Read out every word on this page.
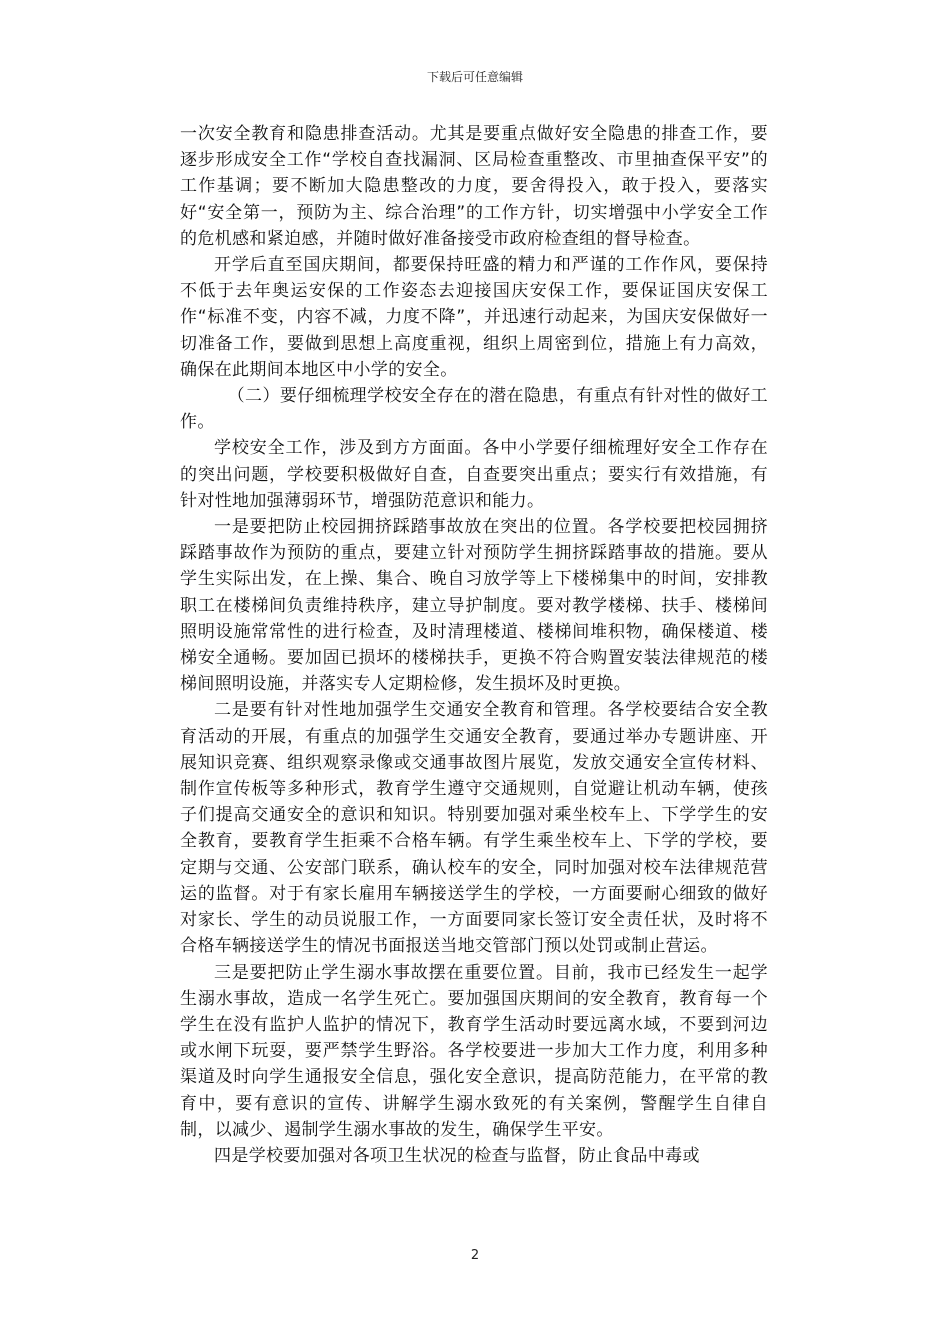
下载后可任意编辑

一次安全教育和隐患排查活动。尤其是要重点做好安全隐患的排查工作，要逐步形成安全工作“学校自查找漏洞、区局检查重整改、市里抽查保平安”的工作基调；要不断加大隐患整改的力度，要舍得投入，敢于投入，要落实好“安全第一，预防为主、综合治理”的工作方针，切实增强中小学安全工作的危机感和紧迫感，并随时做好准备接受市政府检查组的督导检查。

开学后直至国庆期间，都要保持旺盛的精力和严谨的工作作风，要保持不低于去年奥运安保的工作姿态去迎接国庆安保工作，要保证国庆安保工作“标准不变，内容不减，力度不降”，并迅速行动起来，为国庆安保做好一切准备工作，要做到思想上高度重视，组织上周密到位，措施上有力高效，确保在此期间本地区中小学的安全。

（二）要仔细梳理学校安全存在的潜在隐患，有重点有针对性的做好工作。

学校安全工作，涉及到方方面面。各中小学要仔细梳理好安全工作存在的突出问题，学校要积极做好自查，自查要突出重点；要实行有效措施，有针对性地加强薄弱环节，增强防范意识和能力。

一是要把防止校园拥挤踩踏事故放在突出的位置。各学校要把校园拥挤踩踏事故作为预防的重点，要建立针对预防学生拥挤踩踏事故的措施。要从学生实际出发，在上操、集合、晚自习放学等上下楼梯集中的时间，安排教职工在楼梯间负责维持秩序，建立导护制度。要对教学楼梯、扶手、楼梯间照明设施常常性的进行检查，及时清理楼道、楼梯间堆积物，确保楼道、楼梯安全通畅。要加固已损坏的楼梯扶手，更换不符合购置安装法律规范的楼梯间照明设施，并落实专人定期检修，发生损坏及时更换。

二是要有针对性地加强学生交通安全教育和管理。各学校要结合安全教育活动的开展，有重点的加强学生交通安全教育，要通过举办专题讲座、开展知识竞赛、组织观察录像或交通事故图片展览，发放交通安全宣传材料、制作宣传板等多种形式，教育学生遵守交通规则，自觉避让机动车辆，使孩子们提高交通安全的意识和知识。特别要加强对乘坐校车上、下学学生的安全教育，要教育学生拒乘不合格车辆。有学生乘坐校车上、下学的学校，要定期与交通、公安部门联系，确认校车的安全，同时加强对校车法律规范营运的监督。对于有家长雇用车辆接送学生的学校，一方面要耐心细致的做好对家长、学生的动员说服工作，一方面要同家长签订安全责任状，及时将不合格车辆接送学生的情况书面报送当地交管部门预以处罚或制止营运。

三是要把防止学生溺水事故摆在重要位置。目前，我市已经发生一起学生溺水事故，造成一名学生死亡。要加强国庆期间的安全教育，教育每一个学生在没有监护人监护的情况下，教育学生活动时要远离水域，不要到河边或水闸下玩耍，要严禁学生野浴。各学校要进一步加大工作力度，利用多种渠道及时向学生通报安全信息，强化安全意识，提高防范能力，在平常的教育中，要有意识的宣传、讲解学生溺水致死的有关案例，警醒学生自律自制，以减少、遏制学生溺水事故的发生，确保学生平安。

四是学校要加强对各项卫生状况的检查与监督，防止食品中毒或

2
